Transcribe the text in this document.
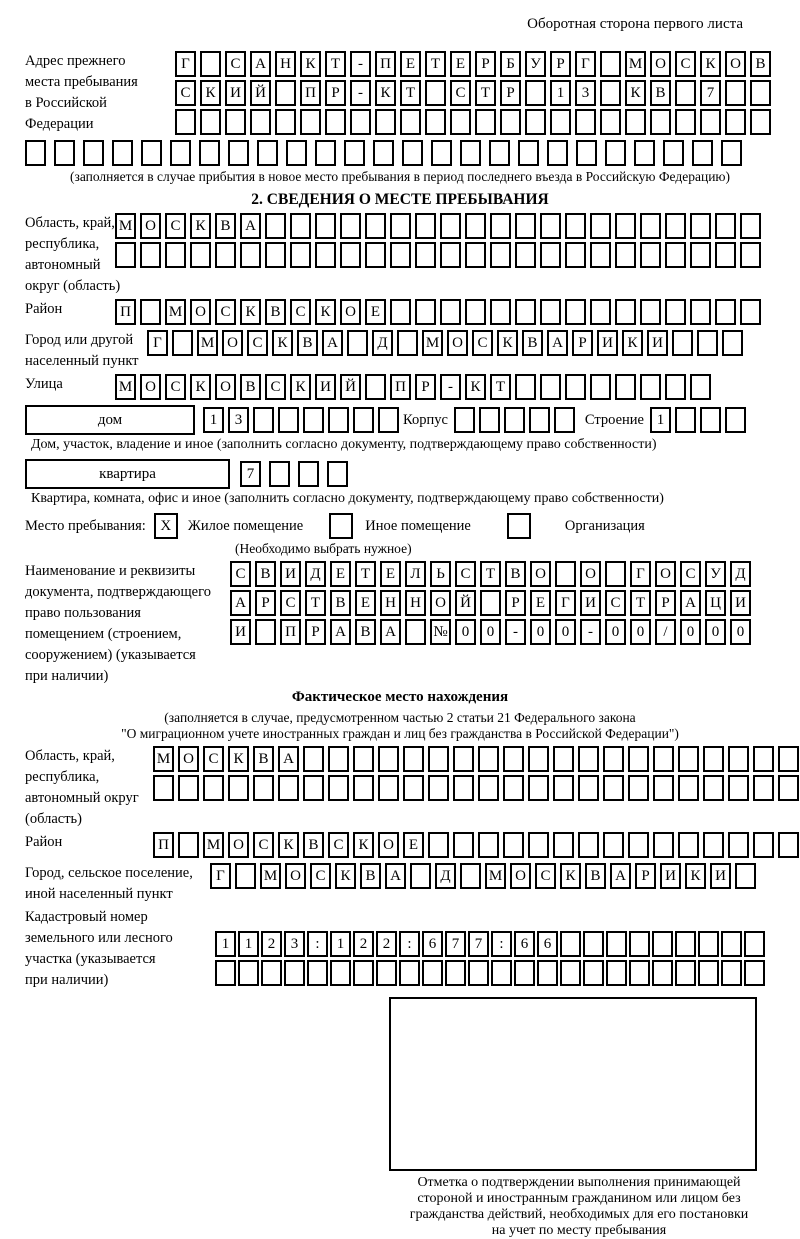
Оборотная сторона первого листа
Адрес прежнего
места пребывания
в Российской
Федерации
Г	С А Н К	Т	-	П Е	Т	Е	Р	Б	У	Р	Г	М О С К О В
С К И Й	П	Р	-	К	Т	С	Т	Р	1	3	К В	7
(заполняется в случае прибытия в новое место пребывания в период последнего въезда в Российскую Федерацию)
2. СВЕДЕНИЯ О МЕСТЕ ПРЕБЫВАНИЯ
Область, край,
республика,
автономный
округ (область)
М О С К В А
Район	П	М О С К В С К О Е
Город или другой
населенный пункт
Г	М О С К В А	Д	М О С К В А	Р	И К И
Улица	М О С К О В С К И Й	П	Р	-	К	Т
дом	1	3	Корпус	Строение 1
Дом, участок, владение и иное (заполнить согласно документу, подтверждающему право собственности)
квартира	7
Квартира, комната, офис и иное (заполнить согласно документу, подтверждающему право собственности)
Место пребывания: X	Жилое помещение	Иное помещение	Организация
(Необходимо выбрать нужное)
Наименование и реквизиты
документа, подтверждающего
право пользования
помещением (строением,
сооружением) (указывается
при наличии)
С В И Д	Е	Т	Е	Л	Ь	С	Т	В О	О	Г	О С У Д
А	Р	С	Т	В	Е	Н Н О Й	Р	Е	Г	И С	Т	Р	А Ц И
И	П	Р	А В А	№ 0	0	-	0	0	-	0	0	/	0	0	0
Фактическое место нахождения
(заполняется в случае, предусмотренном частью 2 статьи 21 Федерального закона
"О миграционном учете иностранных граждан и лиц без гражданства в Российской Федерации")
Область, край,
республика,
автономный округ
(область)
М О С К В А
Район	П	М О С К В С К О Е
Город, сельское поселение,
иной населенный пункт
Г	М О С К В А	Д	М О С К В А	Р	И К И
Кадастровый номер
земельного или лесного
участка (указывается
при наличии)
1	1	2	3	:	1	2	2	:	6	7	7	:	6	6
Отметка о подтверждении выполнения принимающей
стороной и иностранным гражданином или лицом без
гражданства действий, необходимых для его постановки
на учет по месту пребывания
